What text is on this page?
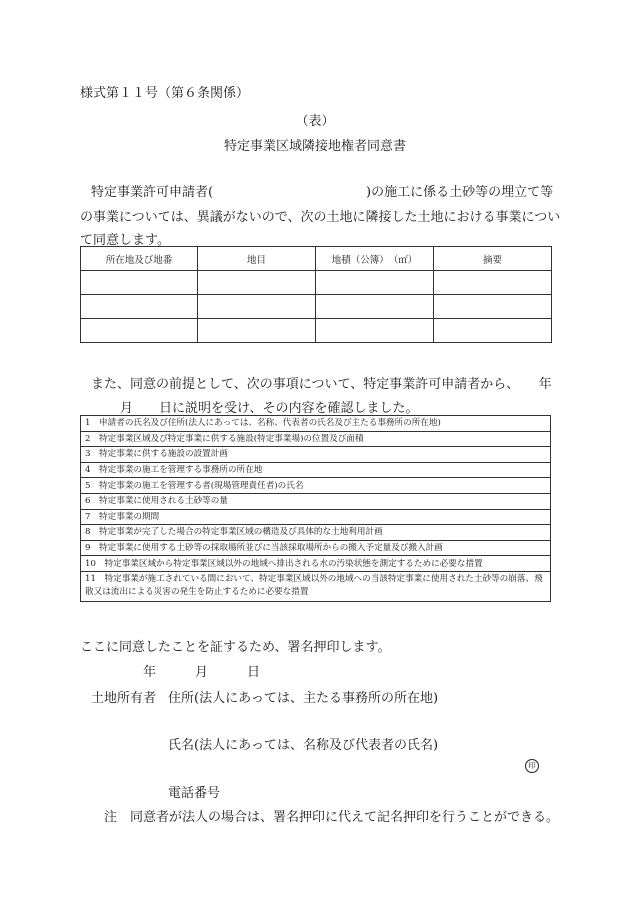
様式第１１号（第６条関係）
（表）
特定事業区域隣接地権者同意書
特定事業許可申請者(	)の施工に係る土砂等の埋立て等
の事業については、異議がないので、次の土地に隣接した土地における事業につい
て同意します。
所在地及び地番	地目	地積（公簿）　（㎡）	摘要

また、同意の前提として、次の事項について、特定事業許可申請者から、　　年
月　　日に説明を受け、その内容を確認しました。
1　申請者の氏名及び住所(法人にあっては、名称、代表者の氏名及び主たる事務所の所在地)
2　特定事業区域及び特定事業に供する施設(特定事業場)の位置及び面積
3　特定事業に供する施設の設置計画
4　特定事業の施工を管理する事務所の所在地
5　特定事業の施工を管理する者(現場管理責任者)の氏名
6　特定事業に使用される土砂等の量
7　特定事業の期間
8　特定事業が完了した場合の特定事業区域の構造及び具体的な土地利用計画
9　特定事業に使用する土砂等の採取場所並びに当該採取場所からの搬入予定量及び搬入計画
10　特定事業区域から特定事業区域以外の地域へ排出される水の汚染状態を測定するために必要な措置
11　特定事業が施工されている間において、特定事業区域以外の地域への当該特定事業に使用された土砂等の崩落、飛散又は流出による災害の発生を防止するために必要な措置
ここに同意したことを証するため、署名押印します。
年　　　月　　　日
土地所有者 住所(法人にあっては、主たる事務所の所在地)
氏名(法人にあっては、名称及び代表者の氏名)
印
電話番号
注　同意者が法人の場合は、署名押印に代えて記名押印を行うことができる。
